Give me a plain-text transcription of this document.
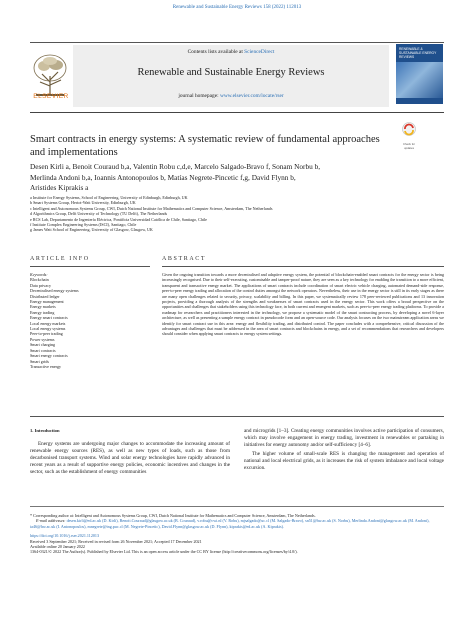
Renewable and Sustainable Energy Reviews 158 (2022) 112013
ELSEVIER
Contents lists available at ScienceDirect
Renewable and Sustainable Energy Reviews
journal homepage: www.elsevier.com/locate/rser
RENEWABLE & SUSTAINABLE ENERGY REVIEWS
Check for updates
Smart contracts in energy systems: A systematic review of fundamental approaches and implementations
Desen Kirli a, Benoit Couraud b,a, Valentin Robu c,d,e, Marcelo Salgado-Bravo f, Sonam Norbu b,
Merlinda Andoni b,a, Ioannis Antonopoulos b, Matías Negrete-Pincetic f,g, David Flynn b,
Aristides Kiprakis a
a Institute for Energy Systems, School of Engineering, University of Edinburgh, Edinburgh, UK
b Smart Systems Group, Heriot-Watt University, Edinburgh, UK
c Intelligent and Autonomous Systems Group, CWI, Dutch National Institute for Mathematics and Computer Science, Amsterdam, The Netherlands
d Algorithmics Group, Delft University of Technology (TU Delft), The Netherlands
e RCS Lab, Departamento de Ingeniería Eléctrica, Pontificia Universidad Católica de Chile, Santiago, Chile
f Institute Complex Engineering Systems (ISCI), Santiago, Chile
g James Watt School of Engineering, University of Glasgow, Glasgow, UK
ARTICLE INFO	ABSTRACT
Keywords:
Blockchain
Data privacy
Decentralised energy systems
Distributed ledger
Energy management
Energy markets
Energy trading
Energy smart contracts
Local energy markets
Local energy systems
Peer-to-peer trading
Power systems
Smart charging
Smart contracts
Smart energy contracts
Smart grids
Transactive energy
Given the ongoing transition towards a more decentralised and adaptive energy system, the potential of blockchain-enabled smart contracts for the energy sector is being increasingly recognised. Due to their self-executing, customisable and tamper-proof nature, they are seen as a key technology for enabling the transition to a more efficient, transparent and transactive energy market. The applications of smart contracts include coordination of smart electric vehicle charging, automated demand-side response, peer-to-peer energy trading and allocation of the control duties amongst the network operators. Nevertheless, their use in the energy sector is still in its early stages as there are many open challenges related to security, privacy, scalability and billing. In this paper, we systematically review 178 peer-reviewed publications and 13 innovation projects, providing a thorough analysis of the strengths and weaknesses of smart contracts used in the energy sector. This work offers a broad perspective on the opportunities and challenges that stakeholders using this technology face, in both current and emergent markets, such as peer-to-peer energy trading platforms. To provide a roadmap for researchers and practitioners interested in the technology, we propose a systematic model of the smart contracting process, by developing a novel 6-layer architecture, as well as presenting a sample energy contract in pseudocode form and an open-source code. Our analysis focuses on the two mainstream application areas we identify for smart contract use in this area: energy and flexibility trading, and distributed control. The paper concludes with a comprehensive, critical discussion of the advantages and challenges that must be addressed in the area of smart contracts and blockchains in energy, and a set of recommendations that researchers and developers should consider when applying smart contracts to energy system settings.
1. Introduction
Energy systems are undergoing major changes to accommodate the increasing amount of renewable energy sources (RES), as well as new types of loads, such as those from decarbonised transport systems. Wind and solar energy technologies have rapidly advanced in recent years as a result of supportive energy policies, economic incentives and changes in the sector, such as the establishment of energy communities
and microgrids [1–3]. Creating energy communities involves active participation of consumers, which may involve engagement in energy trading, investment in renewables or partaking in initiatives for energy autonomy and/or self-sufficiency [4–6].
The higher volume of small-scale RES is changing the management and operation of national and local electrical grids, as it increases the risk of system imbalance and local voltage excursion.
* Corresponding author at: Intelligent and Autonomous Systems Group, CWI, Dutch National Institute for Mathematics and Computer Science, Amsterdam, The Netherlands.
E-mail addresses: desen.kirli@ed.ac.uk (D. Kirli), Benoit.Couraud@glasgow.ac.uk (B. Couraud), v.robu@cwi.nl (V. Robu), mjsalgado@uc.cl (M. Salgado-Bravo), sn51@hw.ac.uk (S. Norbu), Merlinda.Andoni@glasgow.ac.uk (M. Andoni), ia46@hw.ac.uk (I. Antonopoulos), mnegrete@ing.puc.cl (M. Negrete-Pincetic), David.Flynn@glasgow.ac.uk (D. Flynn), kiprakis@ed.ac.uk (A. Kiprakis).
https://doi.org/10.1016/j.rser.2021.112013
Received 3 September 2021; Received in revised form 26 November 2021; Accepted 17 December 2021
Available online 20 January 2022
1364-0321/© 2022 The Author(s). Published by Elsevier Ltd. This is an open access article under the CC BY license (http://creativecommons.org/licenses/by/4.0/).
